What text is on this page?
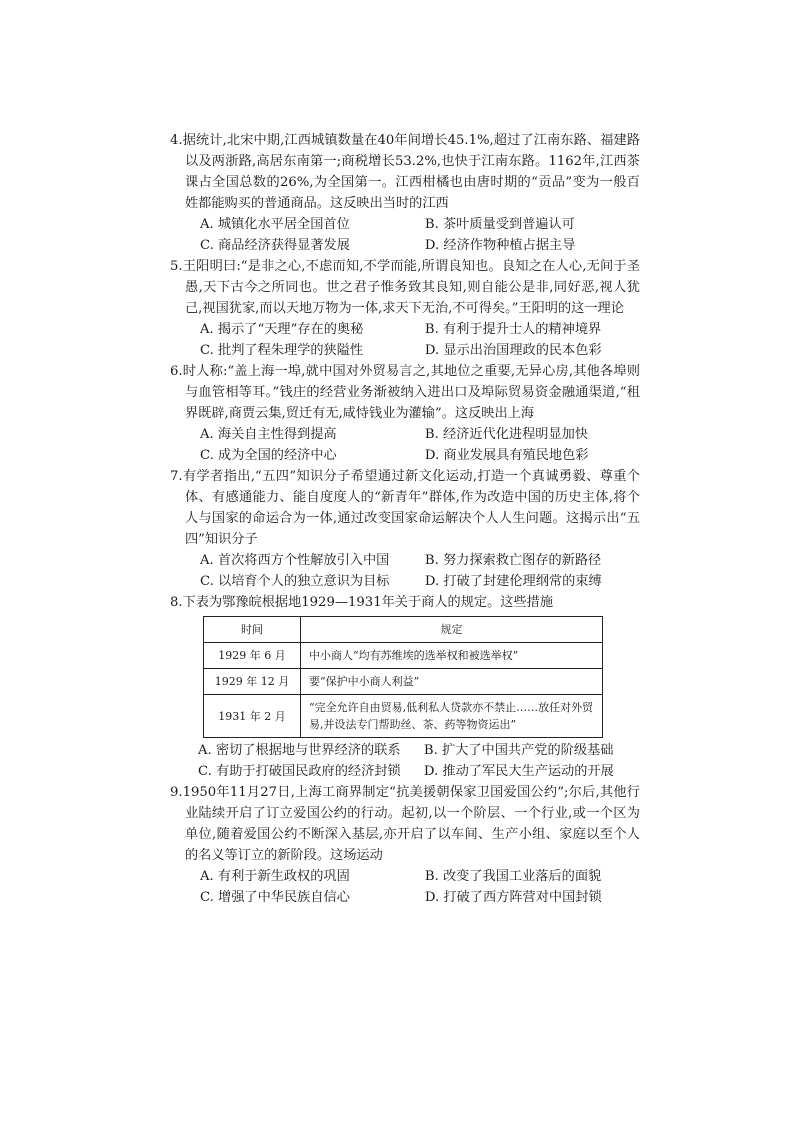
4.据统计,北宋中期,江西城镇数量在40年间增长45.1%,超过了江南东路、福建路以及两浙路,高居东南第一;商税增长53.2%,也快于江南东路。1162年,江西茶课占全国总数的26%,为全国第一。江西柑橘也由唐时期的“贡品”变为一般百姓都能购买的普通商品。这反映出当时的江西

A. 城镇化水平居全国首位	B. 茶叶质量受到普遍认可
C. 商品经济获得显著发展	D. 经济作物种植占据主导

5.王阳明曰:“是非之心,不虑而知,不学而能,所谓良知也。良知之在人心,无间于圣愚,天下古今之所同也。世之君子惟务致其良知,则自能公是非,同好恶,视人犹己,视国犹家,而以天地万物为一体,求天下无治,不可得矣。”王阳明的这一理论

A. 揭示了“天理”存在的奥秘	B. 有利于提升士人的精神境界
C. 批判了程朱理学的狭隘性	D. 显示出治国理政的民本色彩

6.时人称:“盖上海一埠,就中国对外贸易言之,其地位之重要,无异心房,其他各埠则与血管相等耳。”钱庄的经营业务渐被纳入进出口及埠际贸易资金融通渠道,“租界既辟,商贾云集,贸迁有无,咸恃钱业为灌输”。这反映出上海

A. 海关自主性得到提高	B. 经济近代化进程明显加快
C. 成为全国的经济中心	D. 商业发展具有殖民地色彩

7.有学者指出,“五四”知识分子希望通过新文化运动,打造一个真诚勇毅、尊重个体、有感通能力、能自度度人的“新青年”群体,作为改造中国的历史主体,将个人与国家的命运合为一体,通过改变国家命运解决个人人生问题。这揭示出“五四”知识分子

A. 首次将西方个性解放引入中国	B. 努力探索救亡图存的新路径
C. 以培育个人的独立意识为目标	D. 打破了封建伦理纲常的束缚

8.下表为鄂豫皖根据地1929—1931年关于商人的规定。这些措施

时间	规定
1929 年 6 月	中小商人“均有苏维埃的选举权和被选举权”
1929 年 12 月	要“保护中小商人利益”
1931 年 2 月	“完全允许自由贸易,低利私人贷款亦不禁止……放任对外贸易,并设法专门帮助丝、茶、药等物资运出”
A. 密切了根据地与世界经济的联系	B. 扩大了中国共产党的阶级基础
C. 有助于打破国民政府的经济封锁	D. 推动了军民大生产运动的开展

9.1950年11月27日,上海工商界制定“抗美援朝保家卫国爱国公约”;尔后,其他行业陆续开启了订立爱国公约的行动。起初,以一个阶层、一个行业,或一个区为单位,随着爱国公约不断深入基层,亦开启了以车间、生产小组、家庭以至个人的名义等订立的新阶段。这场运动

A. 有利于新生政权的巩固	B. 改变了我国工业落后的面貌
C. 增强了中华民族自信心	D. 打破了西方阵营对中国封锁
